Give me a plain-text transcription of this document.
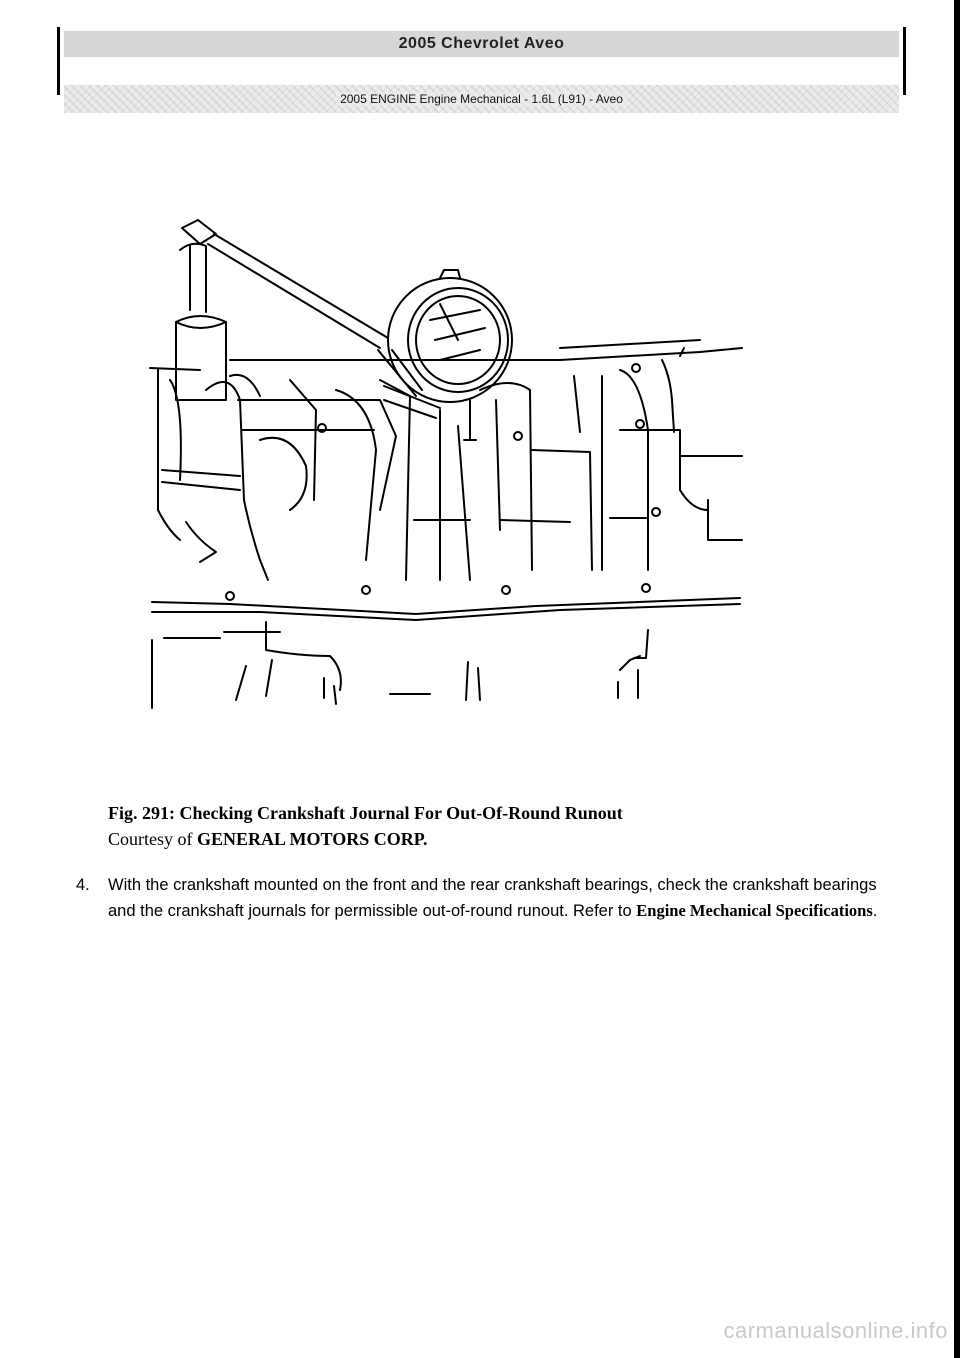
2005 Chevrolet Aveo
2005 ENGINE Engine Mechanical - 1.6L (L91) - Aveo
Fig. 291: Checking Crankshaft Journal For Out-Of-Round Runout
Courtesy of GENERAL MOTORS CORP.
4.	With the crankshaft mounted on the front and the rear crankshaft bearings, check the crankshaft bearings and the crankshaft journals for permissible out-of-round runout. Refer to Engine Mechanical Specifications.
carmanualsonline.info
